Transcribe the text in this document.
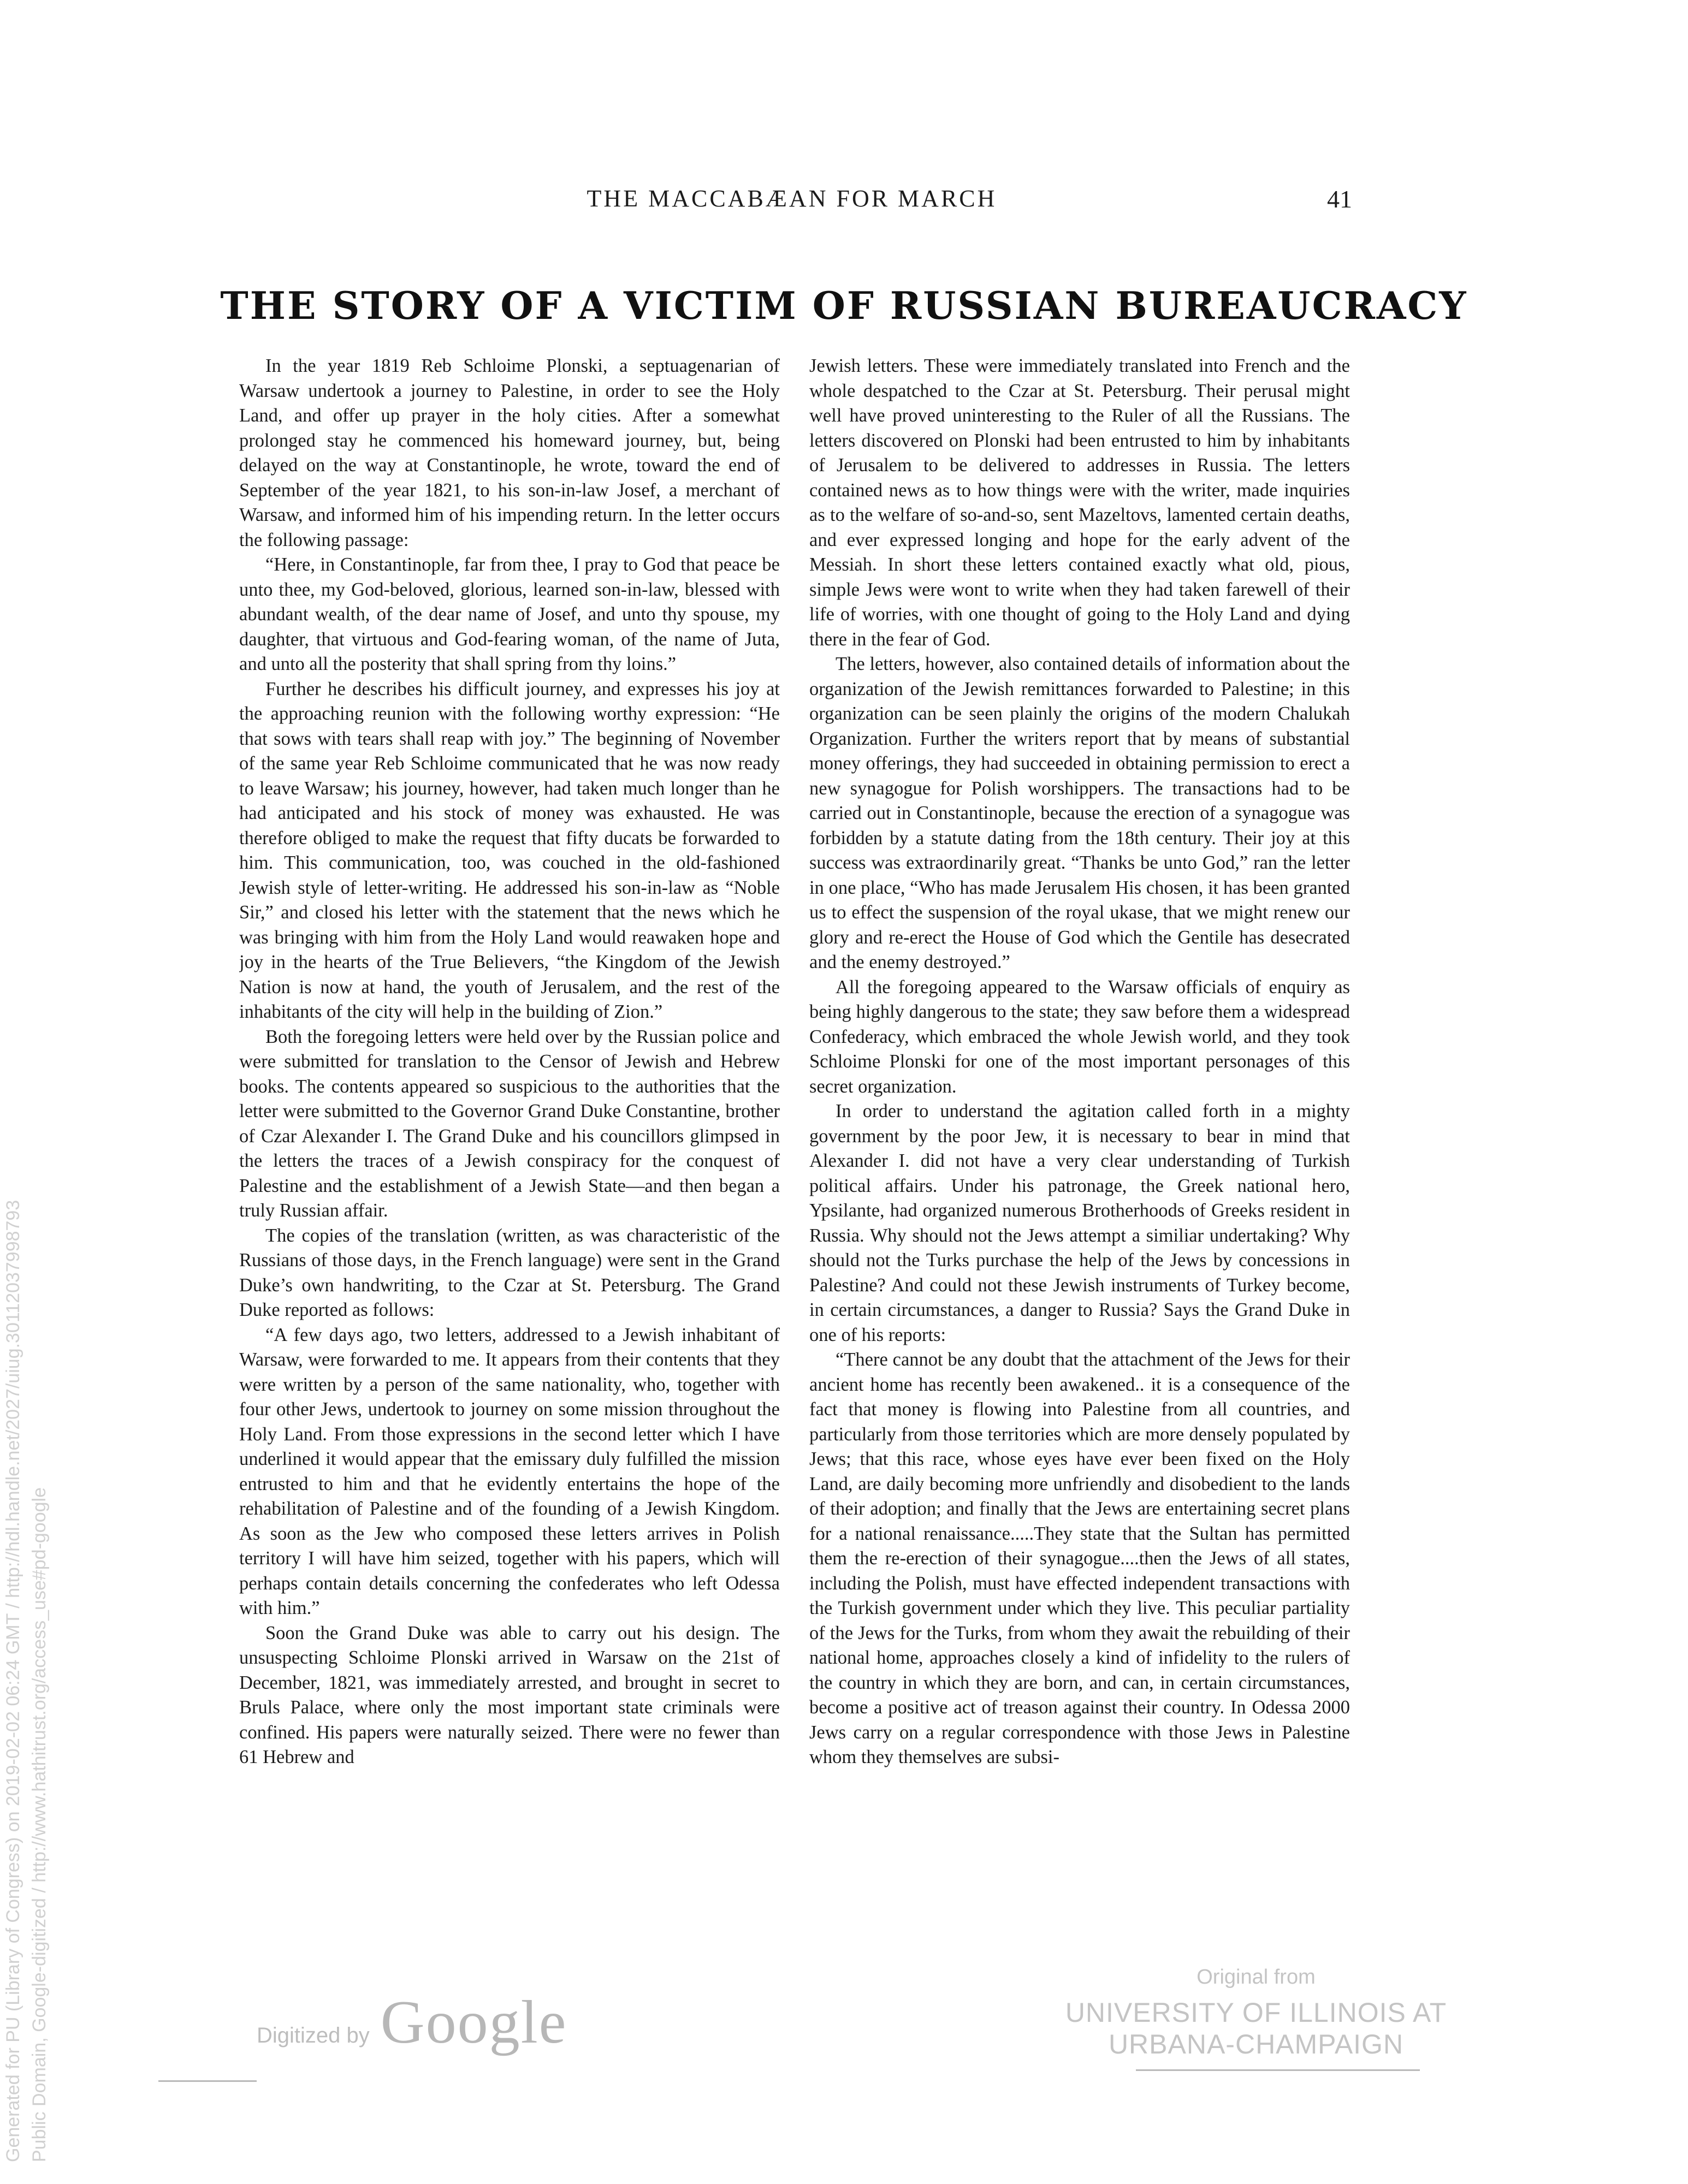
THE MACCABÆAN FOR MARCH	41
THE STORY OF A VICTIM OF RUSSIAN BUREAUCRACY

In the year 1819 Reb Schloime Plonski, a septuagenarian of Warsaw undertook a journey to Palestine, in order to see the Holy Land, and offer up prayer in the holy cities. After a somewhat prolonged stay he commenced his homeward journey, but, being delayed on the way at Constantinople, he wrote, toward the end of September of the year 1821, to his son-in-law Josef, a merchant of Warsaw, and informed him of his impending return. In the letter occurs the following passage:

“Here, in Constantinople, far from thee, I pray to God that peace be unto thee, my God-beloved, glorious, learned son-in-law, blessed with abundant wealth, of the dear name of Josef, and unto thy spouse, my daughter, that virtuous and God-fearing woman, of the name of Juta, and unto all the posterity that shall spring from thy loins.”

Further he describes his difficult journey, and expresses his joy at the approaching reunion with the following worthy expression: “He that sows with tears shall reap with joy.” The beginning of November of the same year Reb Schloime communicated that he was now ready to leave Warsaw; his journey, however, had taken much longer than he had anticipated and his stock of money was exhausted. He was therefore obliged to make the request that fifty ducats be forwarded to him. This communication, too, was couched in the old-fashioned Jewish style of letter-writing. He addressed his son-in-law as “Noble Sir,” and closed his letter with the statement that the news which he was bringing with him from the Holy Land would reawaken hope and joy in the hearts of the True Believers, “the Kingdom of the Jewish Nation is now at hand, the youth of Jerusalem, and the rest of the inhabitants of the city will help in the building of Zion.”

Both the foregoing letters were held over by the Russian police and were submitted for translation to the Censor of Jewish and Hebrew books. The contents appeared so suspicious to the authorities that the letter were submitted to the Governor Grand Duke Constantine, brother of Czar Alexander I. The Grand Duke and his councillors glimpsed in the letters the traces of a Jewish conspiracy for the conquest of Palestine and the establishment of a Jewish State—and then began a truly Russian affair.

The copies of the translation (written, as was characteristic of the Russians of those days, in the French language) were sent in the Grand Duke’s own handwriting, to the Czar at St. Petersburg. The Grand Duke reported as follows:

“A few days ago, two letters, addressed to a Jewish inhabitant of Warsaw, were forwarded to me. It appears from their contents that they were written by a person of the same nationality, who, together with four other Jews, undertook to journey on some mission throughout the Holy Land. From those expressions in the second letter which I have underlined it would appear that the emissary duly fulfilled the mission entrusted to him and that he evidently entertains the hope of the rehabilitation of Palestine and of the founding of a Jewish Kingdom. As soon as the Jew who composed these letters arrives in Polish territory I will have him seized, together with his papers, which will perhaps contain details concerning the confederates who left Odessa with him.”

Soon the Grand Duke was able to carry out his design. The unsuspecting Schloime Plonski arrived in Warsaw on the 21st of December, 1821, was immediately arrested, and brought in secret to Bruls Palace, where only the most important state criminals were confined. His papers were naturally seized. There were no fewer than 61 Hebrew and

Jewish letters. These were immediately translated into French and the whole despatched to the Czar at St. Petersburg. Their perusal might well have proved uninteresting to the Ruler of all the Russians. The letters discovered on Plonski had been entrusted to him by inhabitants of Jerusalem to be delivered to addresses in Russia. The letters contained news as to how things were with the writer, made inquiries as to the welfare of so-and-so, sent Mazeltovs, lamented certain deaths, and ever expressed longing and hope for the early advent of the Messiah. In short these letters contained exactly what old, pious, simple Jews were wont to write when they had taken farewell of their life of worries, with one thought of going to the Holy Land and dying there in the fear of God.

The letters, however, also contained details of information about the organization of the Jewish remittances forwarded to Palestine; in this organization can be seen plainly the origins of the modern Chalukah Organization. Further the writers report that by means of substantial money offerings, they had succeeded in obtaining permission to erect a new synagogue for Polish worshippers. The transactions had to be carried out in Constantinople, because the erection of a synagogue was forbidden by a statute dating from the 18th century. Their joy at this success was extraordinarily great. “Thanks be unto God,” ran the letter in one place, “Who has made Jerusalem His chosen, it has been granted us to effect the suspension of the royal ukase, that we might renew our glory and re-erect the House of God which the Gentile has desecrated and the enemy destroyed.”

All the foregoing appeared to the Warsaw officials of enquiry as being highly dangerous to the state; they saw before them a widespread Confederacy, which embraced the whole Jewish world, and they took Schloime Plonski for one of the most important personages of this secret organization.

In order to understand the agitation called forth in a mighty government by the poor Jew, it is necessary to bear in mind that Alexander I. did not have a very clear understanding of Turkish political affairs. Under his patronage, the Greek national hero, Ypsilante, had organized numerous Brotherhoods of Greeks resident in Russia. Why should not the Jews attempt a similiar undertaking? Why should not the Turks purchase the help of the Jews by concessions in Palestine? And could not these Jewish instruments of Turkey become, in certain circumstances, a danger to Russia? Says the Grand Duke in one of his reports:

“There cannot be any doubt that the attachment of the Jews for their ancient home has recently been awakened.. it is a consequence of the fact that money is flowing into Palestine from all countries, and particularly from those territories which are more densely populated by Jews; that this race, whose eyes have ever been fixed on the Holy Land, are daily becoming more unfriendly and disobedient to the lands of their adoption; and finally that the Jews are entertaining secret plans for a national renaissance.....They state that the Sultan has permitted them the re-erection of their synagogue....then the Jews of all states, including the Polish, must have effected independent transactions with the Turkish government under which they live. This peculiar partiality of the Jews for the Turks, from whom they await the rebuilding of their national home, approaches closely a kind of infidelity to the rulers of the country in which they are born, and can, in certain circumstances, become a positive act of treason against their country. In Odessa 2000 Jews carry on a regular correspondence with those Jews in Palestine whom they themselves are subsi-

Generated for PU (Library of Congress) on 2019-02-02 06:24 GMT / http://hdl.handle.net/2027/uiug.30112037998793 Public Domain, Google-digitized / http://www.hathitrust.org/access_use#pd-google	Digitized by Google
Original from
UNIVERSITY OF ILLINOIS AT
URBANA-CHAMPAIGN
